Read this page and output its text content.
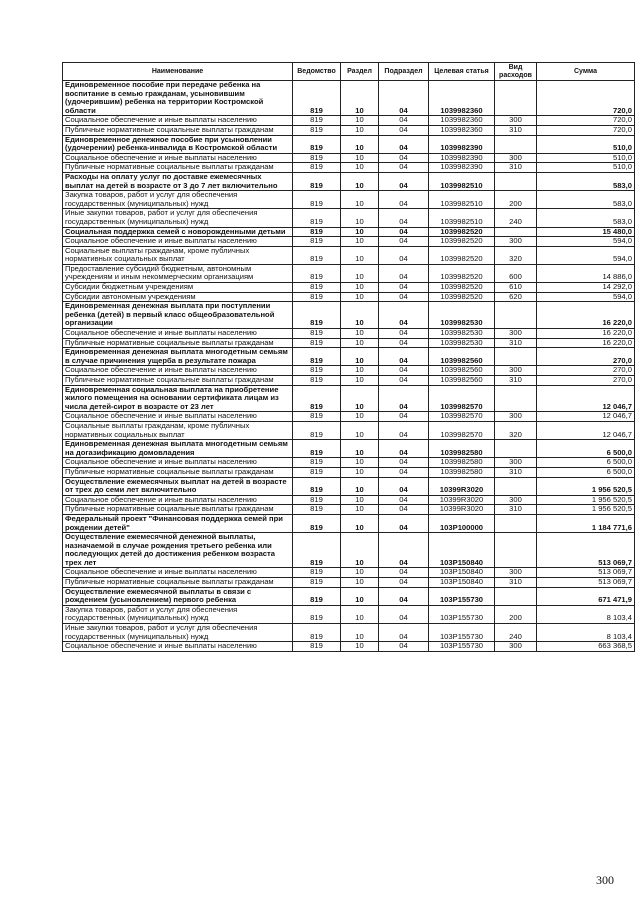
Наименование	Ведомство	Раздел	Подраздел	Целевая статья	Вид расходов	Сумма
Единовременное пособие при передаче ребенка на воспитание в семью гражданам, усыновившим (удочерившим) ребенка на территории Костромской области	819	10	04	1039982360		720,0
Социальное обеспечение и иные выплаты населению	819	10	04	1039982360	300	720,0
Публичные нормативные социальные выплаты гражданам	819	10	04	1039982360	310	720,0
Единовременное денежное пособие при усыновлении (удочерении) ребенка-инвалида в Костромской области	819	10	04	1039982390		510,0
Социальное обеспечение и иные выплаты населению	819	10	04	1039982390	300	510,0
Публичные нормативные социальные выплаты гражданам	819	10	04	1039982390	310	510,0
Расходы на оплату услуг по доставке ежемесячных выплат на детей в возрасте от 3 до 7 лет включительно	819	10	04	1039982510		583,0
Закупка товаров, работ и услуг для обеспечения государственных (муниципальных) нужд	819	10	04	1039982510	200	583,0
Иные закупки товаров, работ и услуг для обеспечения государственных (муниципальных) нужд	819	10	04	1039982510	240	583,0
Социальная поддержка семей с новорожденными детьми	819	10	04	1039982520		15 480,0
Социальное обеспечение и иные выплаты населению	819	10	04	1039982520	300	594,0
Социальные выплаты гражданам, кроме публичных нормативных социальных выплат	819	10	04	1039982520	320	594,0
Предоставление субсидий бюджетным, автономным учреждениям и иным некоммерческим организациям	819	10	04	1039982520	600	14 886,0
Субсидии бюджетным учреждениям	819	10	04	1039982520	610	14 292,0
Субсидии автономным учреждениям	819	10	04	1039982520	620	594,0
Единовременная денежная выплата при поступлении ребенка (детей) в первый класс общеобразовательной организации	819	10	04	1039982530		16 220,0
Социальное обеспечение и иные выплаты населению	819	10	04	1039982530	300	16 220,0
Публичные нормативные социальные выплаты гражданам	819	10	04	1039982530	310	16 220,0
Единовременная денежная выплата многодетным семьям в случае причинения ущерба в результате пожара	819	10	04	1039982560		270,0
Социальное обеспечение и иные выплаты населению	819	10	04	1039982560	300	270,0
Публичные нормативные социальные выплаты гражданам	819	10	04	1039982560	310	270,0
Единовременная социальная выплата на приобретение жилого помещения на основании сертификата лицам из числа детей-сирот в возрасте от 23 лет	819	10	04	1039982570		12 046,7
Социальное обеспечение и иные выплаты населению	819	10	04	1039982570	300	12 046,7
Социальные выплаты гражданам, кроме публичных нормативных социальных выплат	819	10	04	1039982570	320	12 046,7
Единовременная денежная выплата многодетным семьям на догазификацию домовладения	819	10	04	1039982580		6 500,0
Социальное обеспечение и иные выплаты населению	819	10	04	1039982580	300	6 500,0
Публичные нормативные социальные выплаты гражданам	819	10	04	1039982580	310	6 500,0
Осуществление ежемесячных выплат на детей в возрасте от трех до семи лет включительно	819	10	04	10399R3020		1 956 520,5
Социальное обеспечение и иные выплаты населению	819	10	04	10399R3020	300	1 956 520,5
Публичные нормативные социальные выплаты гражданам	819	10	04	10399R3020	310	1 956 520,5
Федеральный проект "Финансовая поддержка семей при рождении детей"	819	10	04	103P100000		1 184 771,6
Осуществление ежемесячной денежной выплаты, назначаемой в случае рождения третьего ребенка или последующих детей до достижения ребенком возраста трех лет	819	10	04	103P150840		513 069,7
Социальное обеспечение и иные выплаты населению	819	10	04	103P150840	300	513 069,7
Публичные нормативные социальные выплаты гражданам	819	10	04	103P150840	310	513 069,7
Осуществление ежемесячной выплаты в связи с рождением (усыновлением) первого ребенка	819	10	04	103P155730		671 471,9
Закупка товаров, работ и услуг для обеспечения государственных (муниципальных) нужд	819	10	04	103P155730	200	8 103,4
Иные закупки товаров, работ и услуг для обеспечения государственных (муниципальных) нужд	819	10	04	103P155730	240	8 103,4
Социальное обеспечение и иные выплаты населению	819	10	04	103P155730	300	663 368,5
300
